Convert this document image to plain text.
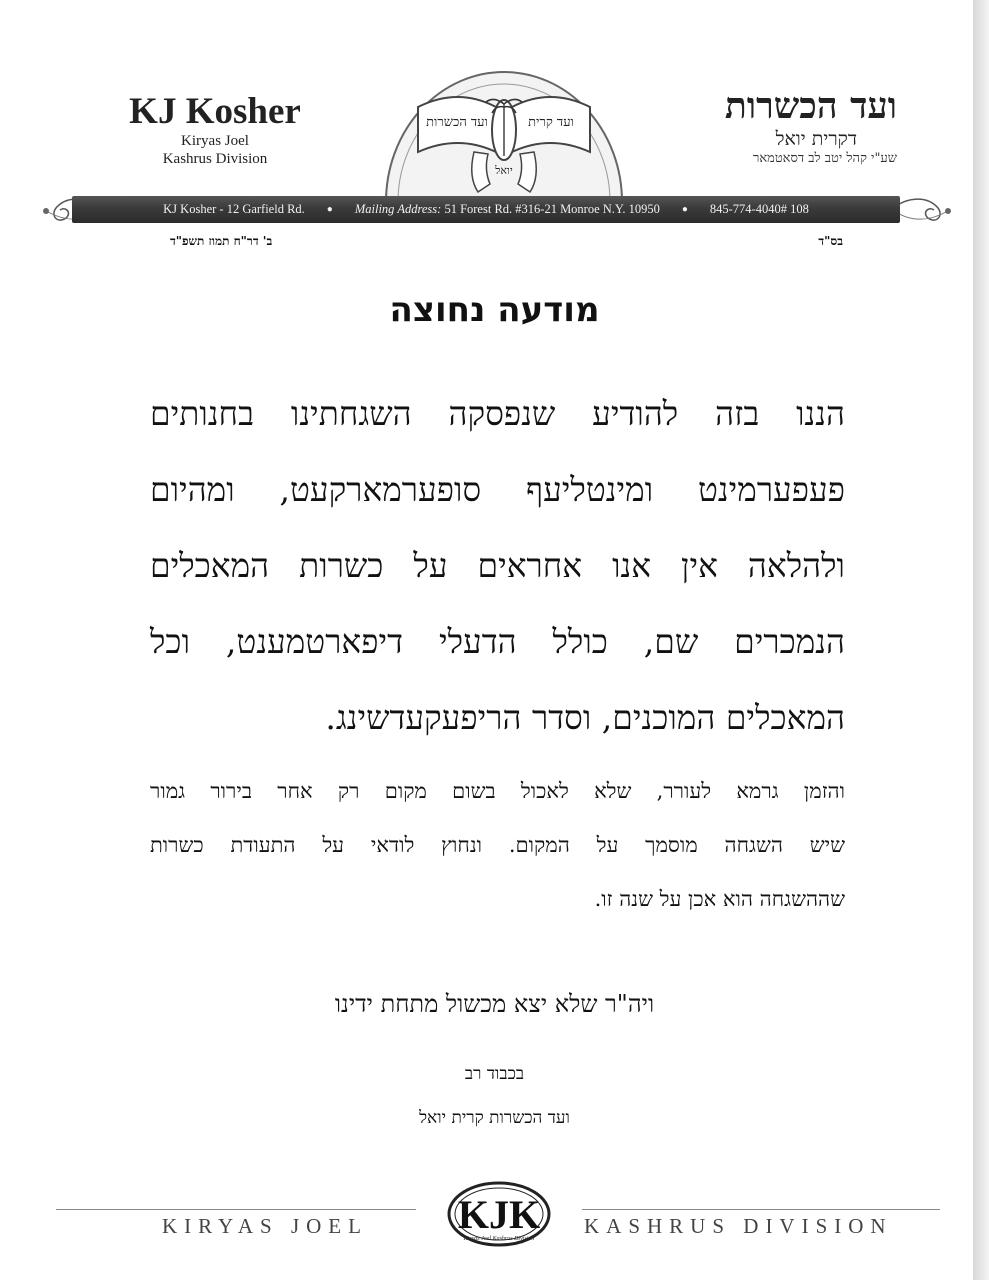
KJ Kosher
Kiryas Joel
Kashrus Division
ועד הכשרות
דקרית יואל
שע"י קהל יטב לב דסאטמאר
ועד הכשרות	ועד קרית
יואל
KJ Kosher - 12 Garfield Rd. ● Mailing Address: 51 Forest Rd. #316-21 Monroe N.Y. 10950 ● 845-774-4040# 108
ב' דר"ח תמוז תשפ"ד	בס"ד
מודעה נחוצה
הננו בזה להודיע שנפסקה השגחתינו בחנותים
פעפערמינט ומינטליעף סופערמארקעט, ומהיום
ולהלאה אין אנו אחראים על כשרות המאכלים
הנמכרים שם, כולל הדעלי דיפארטמענט, וכל
המאכלים המוכנים, וסדר הריפעקעדשינג.
והזמן גרמא לעורר, שלא לאכול בשום מקום רק אחר בירור גמור
שיש השגחה מוסמך על המקום. ונחוץ לודאי על התעודת כשרות
שההשגחה הוא אכן על שנה זו.
ויה"ר שלא יצא מכשול מתחת ידינו
בכבוד רב
ועד הכשרות קרית יואל
KIRYAS JOEL	KASHRUS DIVISION
KJK
Kiryas Joel Kashrus Division
